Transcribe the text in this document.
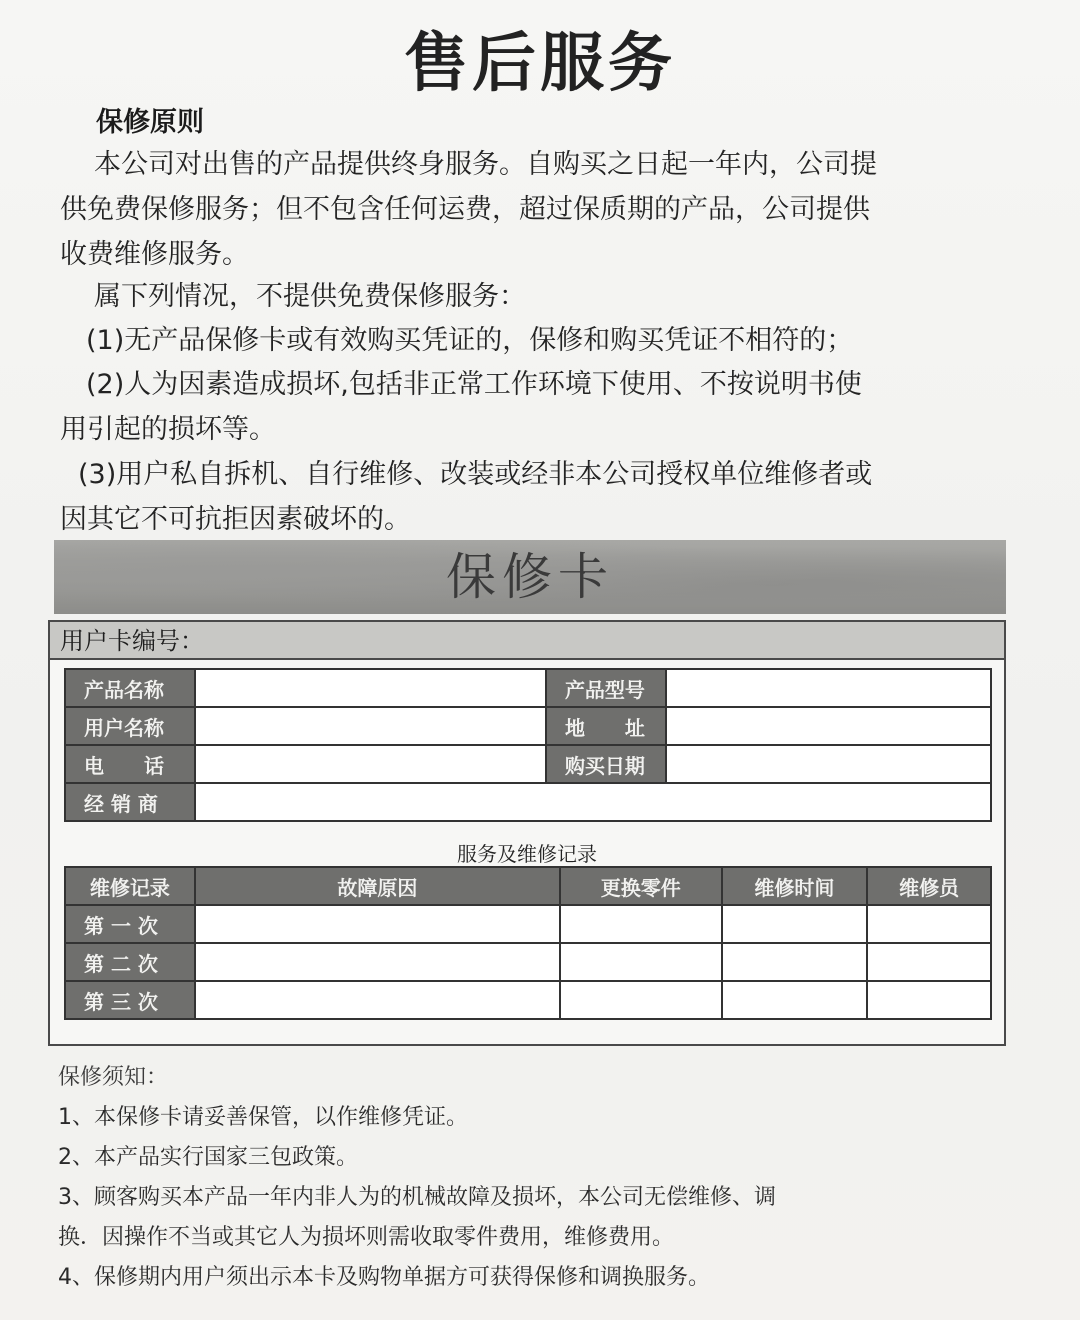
售后服务
保修原则
本公司对出售的产品提供终身服务。自购买之日起一年内，公司提
供免费保修服务；但不包含任何运费，超过保质期的产品，公司提供
收费维修服务。
属下列情况，不提供免费保修服务：
(1)无产品保修卡或有效购买凭证的，保修和购买凭证不相符的；
(2)人为因素造成损坏,包括非正常工作环境下使用、不按说明书使
用引起的损坏等。
(3)用户私自拆机、自行维修、改装或经非本公司授权单位维修者或
因其它不可抗拒因素破坏的。
保修卡
用户卡编号：
产品名称		产品型号	
用户名称		地　　址	
电　　话		购买日期	
经 销 商			
服务及维修记录
维修记录	故障原因	更换零件	维修时间	维修员
第 一 次				
第 二 次				
第 三 次				
保修须知：
1、本保修卡请妥善保管，以作维修凭证。
2、本产品实行国家三包政策。
3、顾客购买本产品一年内非人为的机械故障及损坏，本公司无偿维修、调
换．因操作不当或其它人为损坏则需收取零件费用，维修费用。
4、保修期内用户须出示本卡及购物单据方可获得保修和调换服务。
